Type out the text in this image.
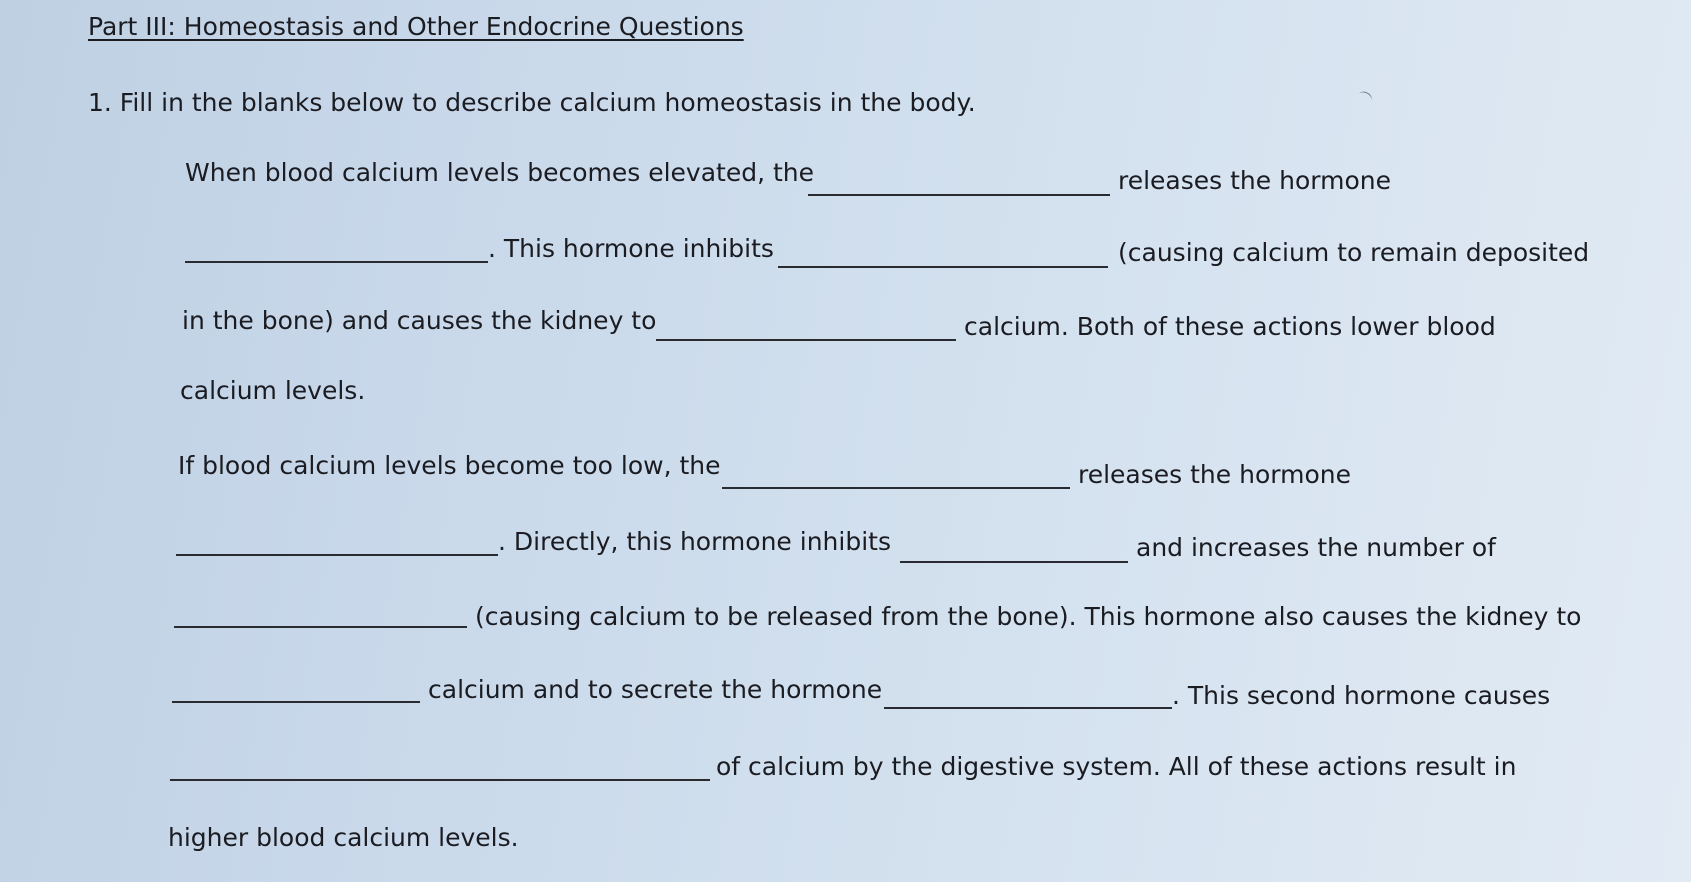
Part III: Homeostasis and Other Endocrine Questions
1. Fill in the blanks below to describe calcium homeostasis in the body.
When blood calcium levels becomes elevated, the	releases the hormone
. This hormone inhibits	(causing calcium to remain deposited
in the bone) and causes the kidney to	calcium. Both of these actions lower blood
calcium levels.
If blood calcium levels become too low, the	releases the hormone
. Directly, this hormone inhibits	and increases the number of
(causing calcium to be released from the bone). This hormone also causes the kidney to
calcium and to secrete the hormone	. This second hormone causes
of calcium by the digestive system. All of these actions result in
higher blood calcium levels.
